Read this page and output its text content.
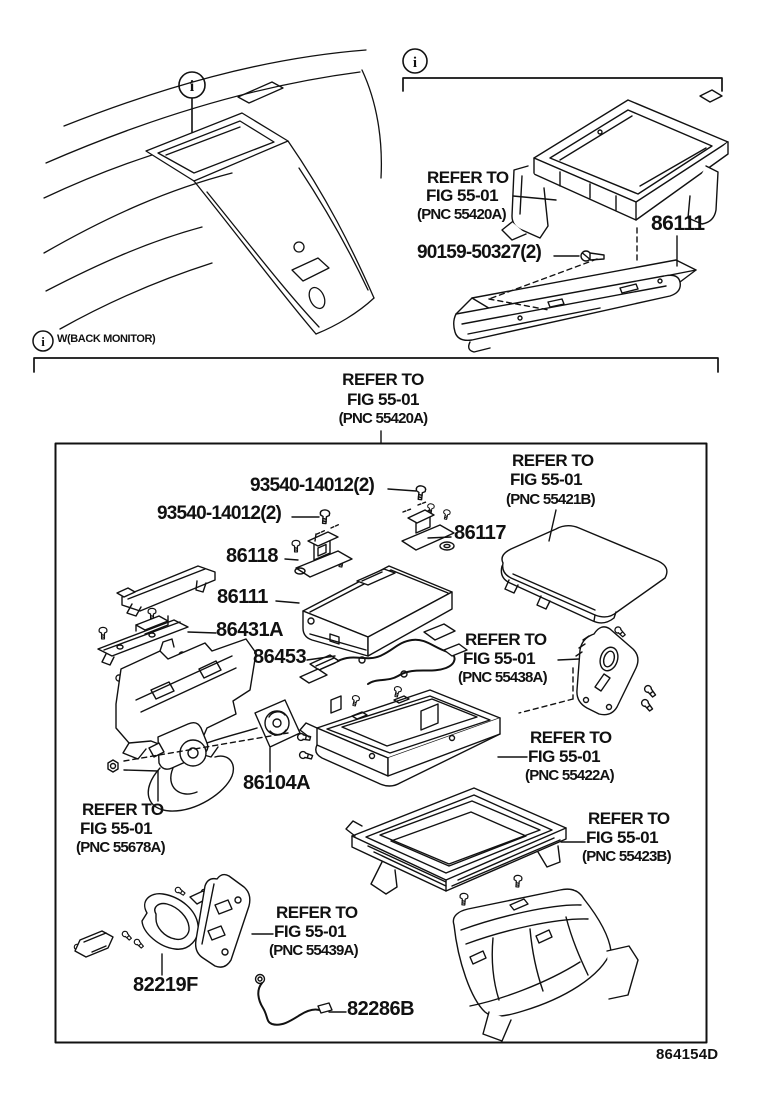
i
i
i
REFER TO
FIG 55-01
(PNC 55420A)
90159-50327(2)
86111
W(BACK MONITOR)
REFER TO
FIG 55-01
(PNC 55420A)
93540-14012(2)
93540-14012(2)
86118
86117
86111
86431A
86453
86104A
82219F
82286B
REFER TO
FIG 55-01
(PNC 55421B)
REFER TO
FIG 55-01
(PNC 55438A)
REFER TO
FIG 55-01
(PNC 55422A)
REFER TO
FIG 55-01
(PNC 55423B)
REFER TO
FIG 55-01
(PNC 55678A)
REFER TO
FIG 55-01
(PNC 55439A)
864154D
